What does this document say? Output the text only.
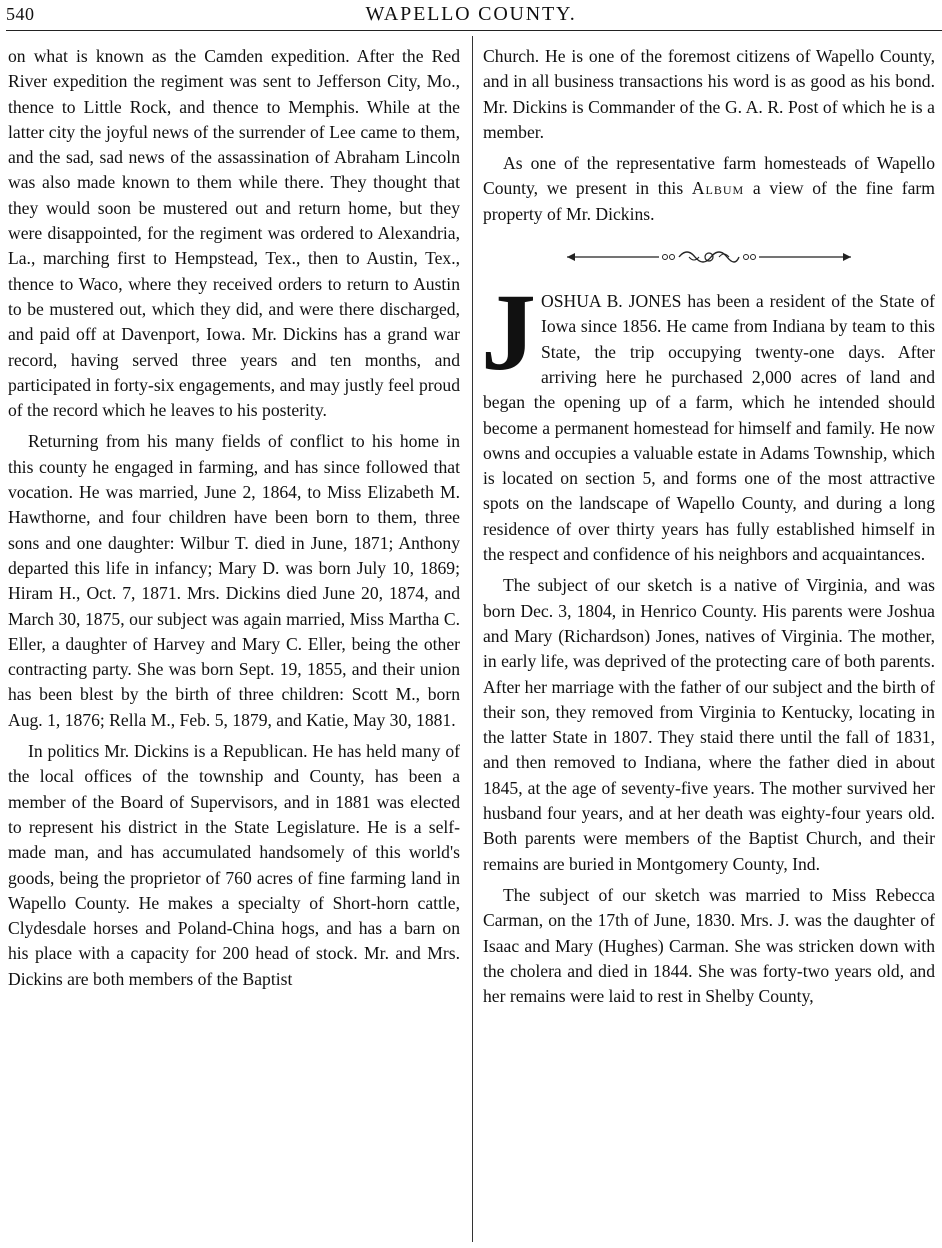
540	WAPELLO COUNTY.

on what is known as the Camden expedition. After the Red River expedition the regiment was sent to Jefferson City, Mo., thence to Little Rock, and thence to Memphis. While at the latter city the joyful news of the surrender of Lee came to them, and the sad, sad news of the assassination of Abraham Lincoln was also made known to them while there. They thought that they would soon be mustered out and return home, but they were disappointed, for the regiment was ordered to Alexandria, La., marching first to Hempstead, Tex., then to Austin, Tex., thence to Waco, where they received orders to return to Austin to be mustered out, which they did, and were there discharged, and paid off at Davenport, Iowa. Mr. Dickins has a grand war record, having served three years and ten months, and participated in forty-six engagements, and may justly feel proud of the record which he leaves to his posterity.

Returning from his many fields of conflict to his home in this county he engaged in farming, and has since followed that vocation. He was married, June 2, 1864, to Miss Elizabeth M. Hawthorne, and four children have been born to them, three sons and one daughter: Wilbur T. died in June, 1871; Anthony departed this life in infancy; Mary D. was born July 10, 1869; Hiram H., Oct. 7, 1871. Mrs. Dickins died June 20, 1874, and March 30, 1875, our subject was again married, Miss Martha C. Eller, a daughter of Harvey and Mary C. Eller, being the other contracting party. She was born Sept. 19, 1855, and their union has been blest by the birth of three children: Scott M., born Aug. 1, 1876; Rella M., Feb. 5, 1879, and Katie, May 30, 1881.

In politics Mr. Dickins is a Republican. He has held many of the local offices of the township and County, has been a member of the Board of Supervisors, and in 1881 was elected to represent his district in the State Legislature. He is a self-made man, and has accumulated handsomely of this world's goods, being the proprietor of 760 acres of fine farming land in Wapello County. He makes a specialty of Short-horn cattle, Clydesdale horses and Poland-China hogs, and has a barn on his place with a capacity for 200 head of stock. Mr. and Mrs. Dickins are both members of the Baptist

Church. He is one of the foremost citizens of Wapello County, and in all business transactions his word is as good as his bond. Mr. Dickins is Commander of the G. A. R. Post of which he is a member.

As one of the representative farm homesteads of Wapello County, we present in this Album a view of the fine farm property of Mr. Dickins.

JOSHUA B. JONES has been a resident of the State of Iowa since 1856. He came from Indiana by team to this State, the trip occupying twenty-one days. After arriving here he purchased 2,000 acres of land and began the opening up of a farm, which he intended should become a permanent homestead for himself and family. He now owns and occupies a valuable estate in Adams Township, which is located on section 5, and forms one of the most attractive spots on the landscape of Wapello County, and during a long residence of over thirty years has fully established himself in the respect and confidence of his neighbors and acquaintances.

The subject of our sketch is a native of Virginia, and was born Dec. 3, 1804, in Henrico County. His parents were Joshua and Mary (Richardson) Jones, natives of Virginia. The mother, in early life, was deprived of the protecting care of both parents. After her marriage with the father of our subject and the birth of their son, they removed from Virginia to Kentucky, locating in the latter State in 1807. They staid there until the fall of 1831, and then removed to Indiana, where the father died in about 1845, at the age of seventy-five years. The mother survived her husband four years, and at her death was eighty-four years old. Both parents were members of the Baptist Church, and their remains are buried in Montgomery County, Ind.

The subject of our sketch was married to Miss Rebecca Carman, on the 17th of June, 1830. Mrs. J. was the daughter of Isaac and Mary (Hughes) Carman. She was stricken down with the cholera and died in 1844. She was forty-two years old, and her remains were laid to rest in Shelby County,
